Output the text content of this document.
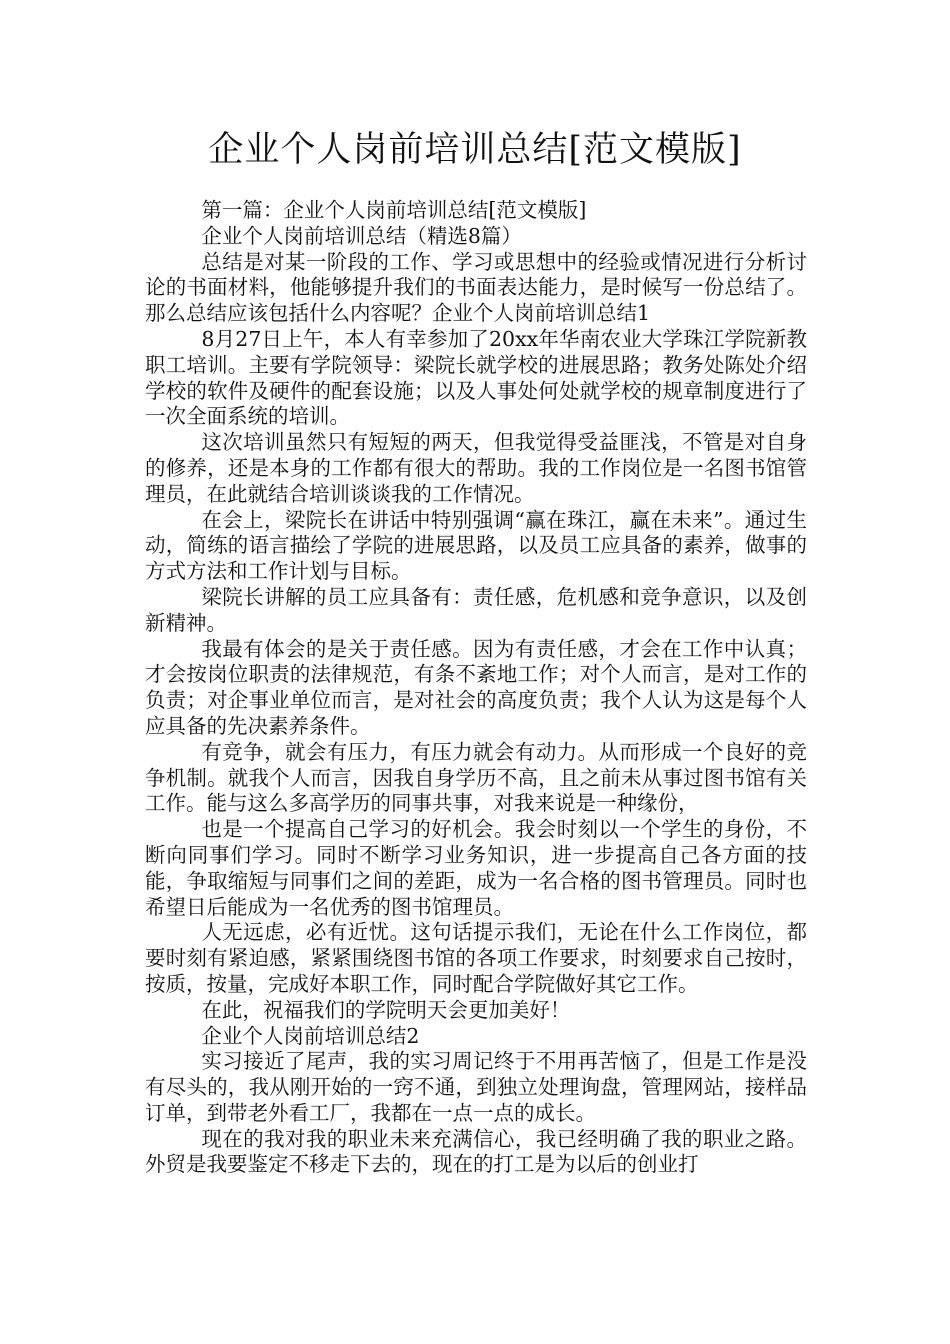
企业个人岗前培训总结[范文模版]

第一篇：企业个人岗前培训总结[范文模版]

企业个人岗前培训总结（精选8篇）

总结是对某一阶段的工作、学习或思想中的经验或情况进行分析讨论的书面材料，他能够提升我们的书面表达能力，是时候写一份总结了。那么总结应该包括什么内容呢？企业个人岗前培训总结1

8月27日上午，本人有幸参加了20xx年华南农业大学珠江学院新教职工培训。主要有学院领导：梁院长就学校的进展思路；教务处陈处介绍学校的软件及硬件的配套设施；以及人事处何处就学校的规章制度进行了一次全面系统的培训。

这次培训虽然只有短短的两天，但我觉得受益匪浅，不管是对自身的修养，还是本身的工作都有很大的帮助。我的工作岗位是一名图书馆管理员，在此就结合培训谈谈我的工作情况。

在会上，梁院长在讲话中特别强调“赢在珠江，赢在未来”。通过生动，简练的语言描绘了学院的进展思路，以及员工应具备的素养，做事的方式方法和工作计划与目标。

梁院长讲解的员工应具备有：责任感，危机感和竞争意识，以及创新精神。

我最有体会的是关于责任感。因为有责任感，才会在工作中认真；才会按岗位职责的法律规范，有条不紊地工作；对个人而言，是对工作的负责；对企事业单位而言，是对社会的高度负责；我个人认为这是每个人应具备的先决素养条件。

有竞争，就会有压力，有压力就会有动力。从而形成一个良好的竞争机制。就我个人而言，因我自身学历不高，且之前未从事过图书馆有关工作。能与这么多高学历的同事共事，对我来说是一种缘份，

也是一个提高自己学习的好机会。我会时刻以一个学生的身份，不断向同事们学习。同时不断学习业务知识，进一步提高自己各方面的技能，争取缩短与同事们之间的差距，成为一名合格的图书管理员。同时也希望日后能成为一名优秀的图书馆理员。

人无远虑，必有近忧。这句话提示我们，无论在什么工作岗位，都要时刻有紧迫感，紧紧围绕图书馆的各项工作要求，时刻要求自己按时，按质，按量，完成好本职工作，同时配合学院做好其它工作。

在此，祝福我们的学院明天会更加美好！

企业个人岗前培训总结2

实习接近了尾声，我的实习周记终于不用再苦恼了，但是工作是没有尽头的，我从刚开始的一窍不通，到独立处理询盘，管理网站，接样品订单，到带老外看工厂，我都在一点一点的成长。

现在的我对我的职业未来充满信心，我已经明确了我的职业之路。外贸是我要鉴定不移走下去的，现在的打工是为以后的创业打
